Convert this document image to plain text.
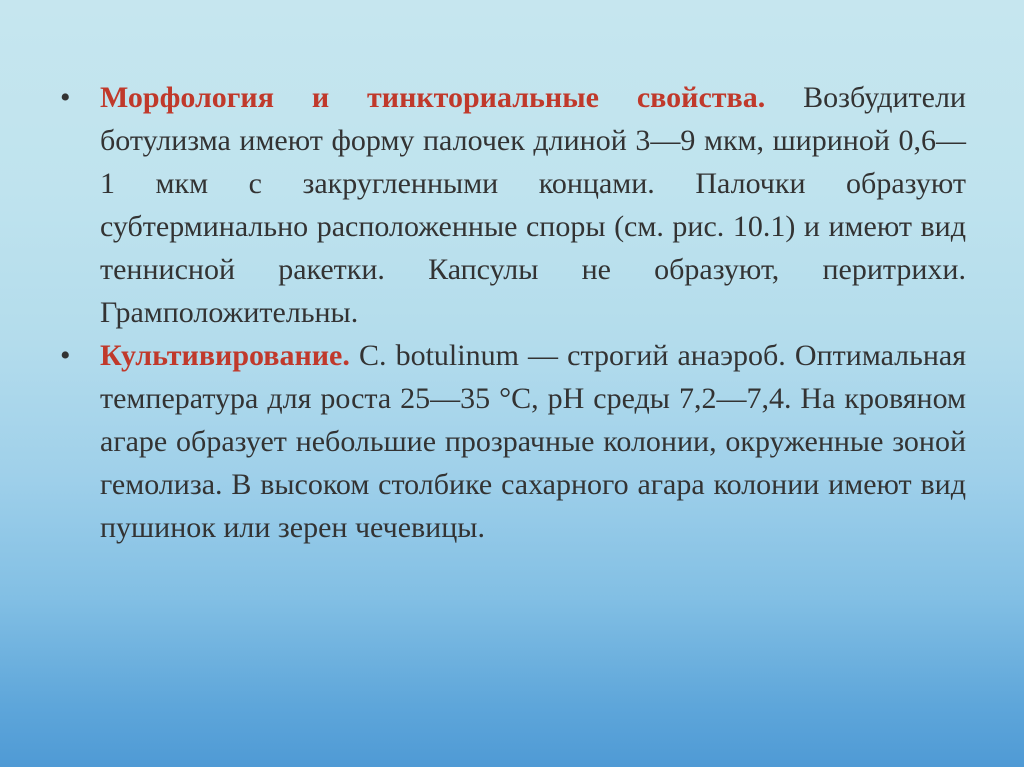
• Морфология и тинкториальные свойства. Возбудители ботулизма имеют форму палочек длиной 3—9 мкм, шириной 0,6—1 мкм с закругленными концами. Палочки образуют субтерминально расположенные споры (см. рис. 10.1) и имеют вид теннисной ракетки. Капсулы не образуют, перитрихи. Грамположительны.

• Культивирование. С. botulinum — строгий анаэроб. Оптимальная температура для роста 25—35 °С, рН среды 7,2—7,4. На кровяном агаре образует небольшие прозрачные колонии, окруженные зоной гемолиза. В высоком столбике сахарного агара колонии имеют вид пушинок или зерен чечевицы.
